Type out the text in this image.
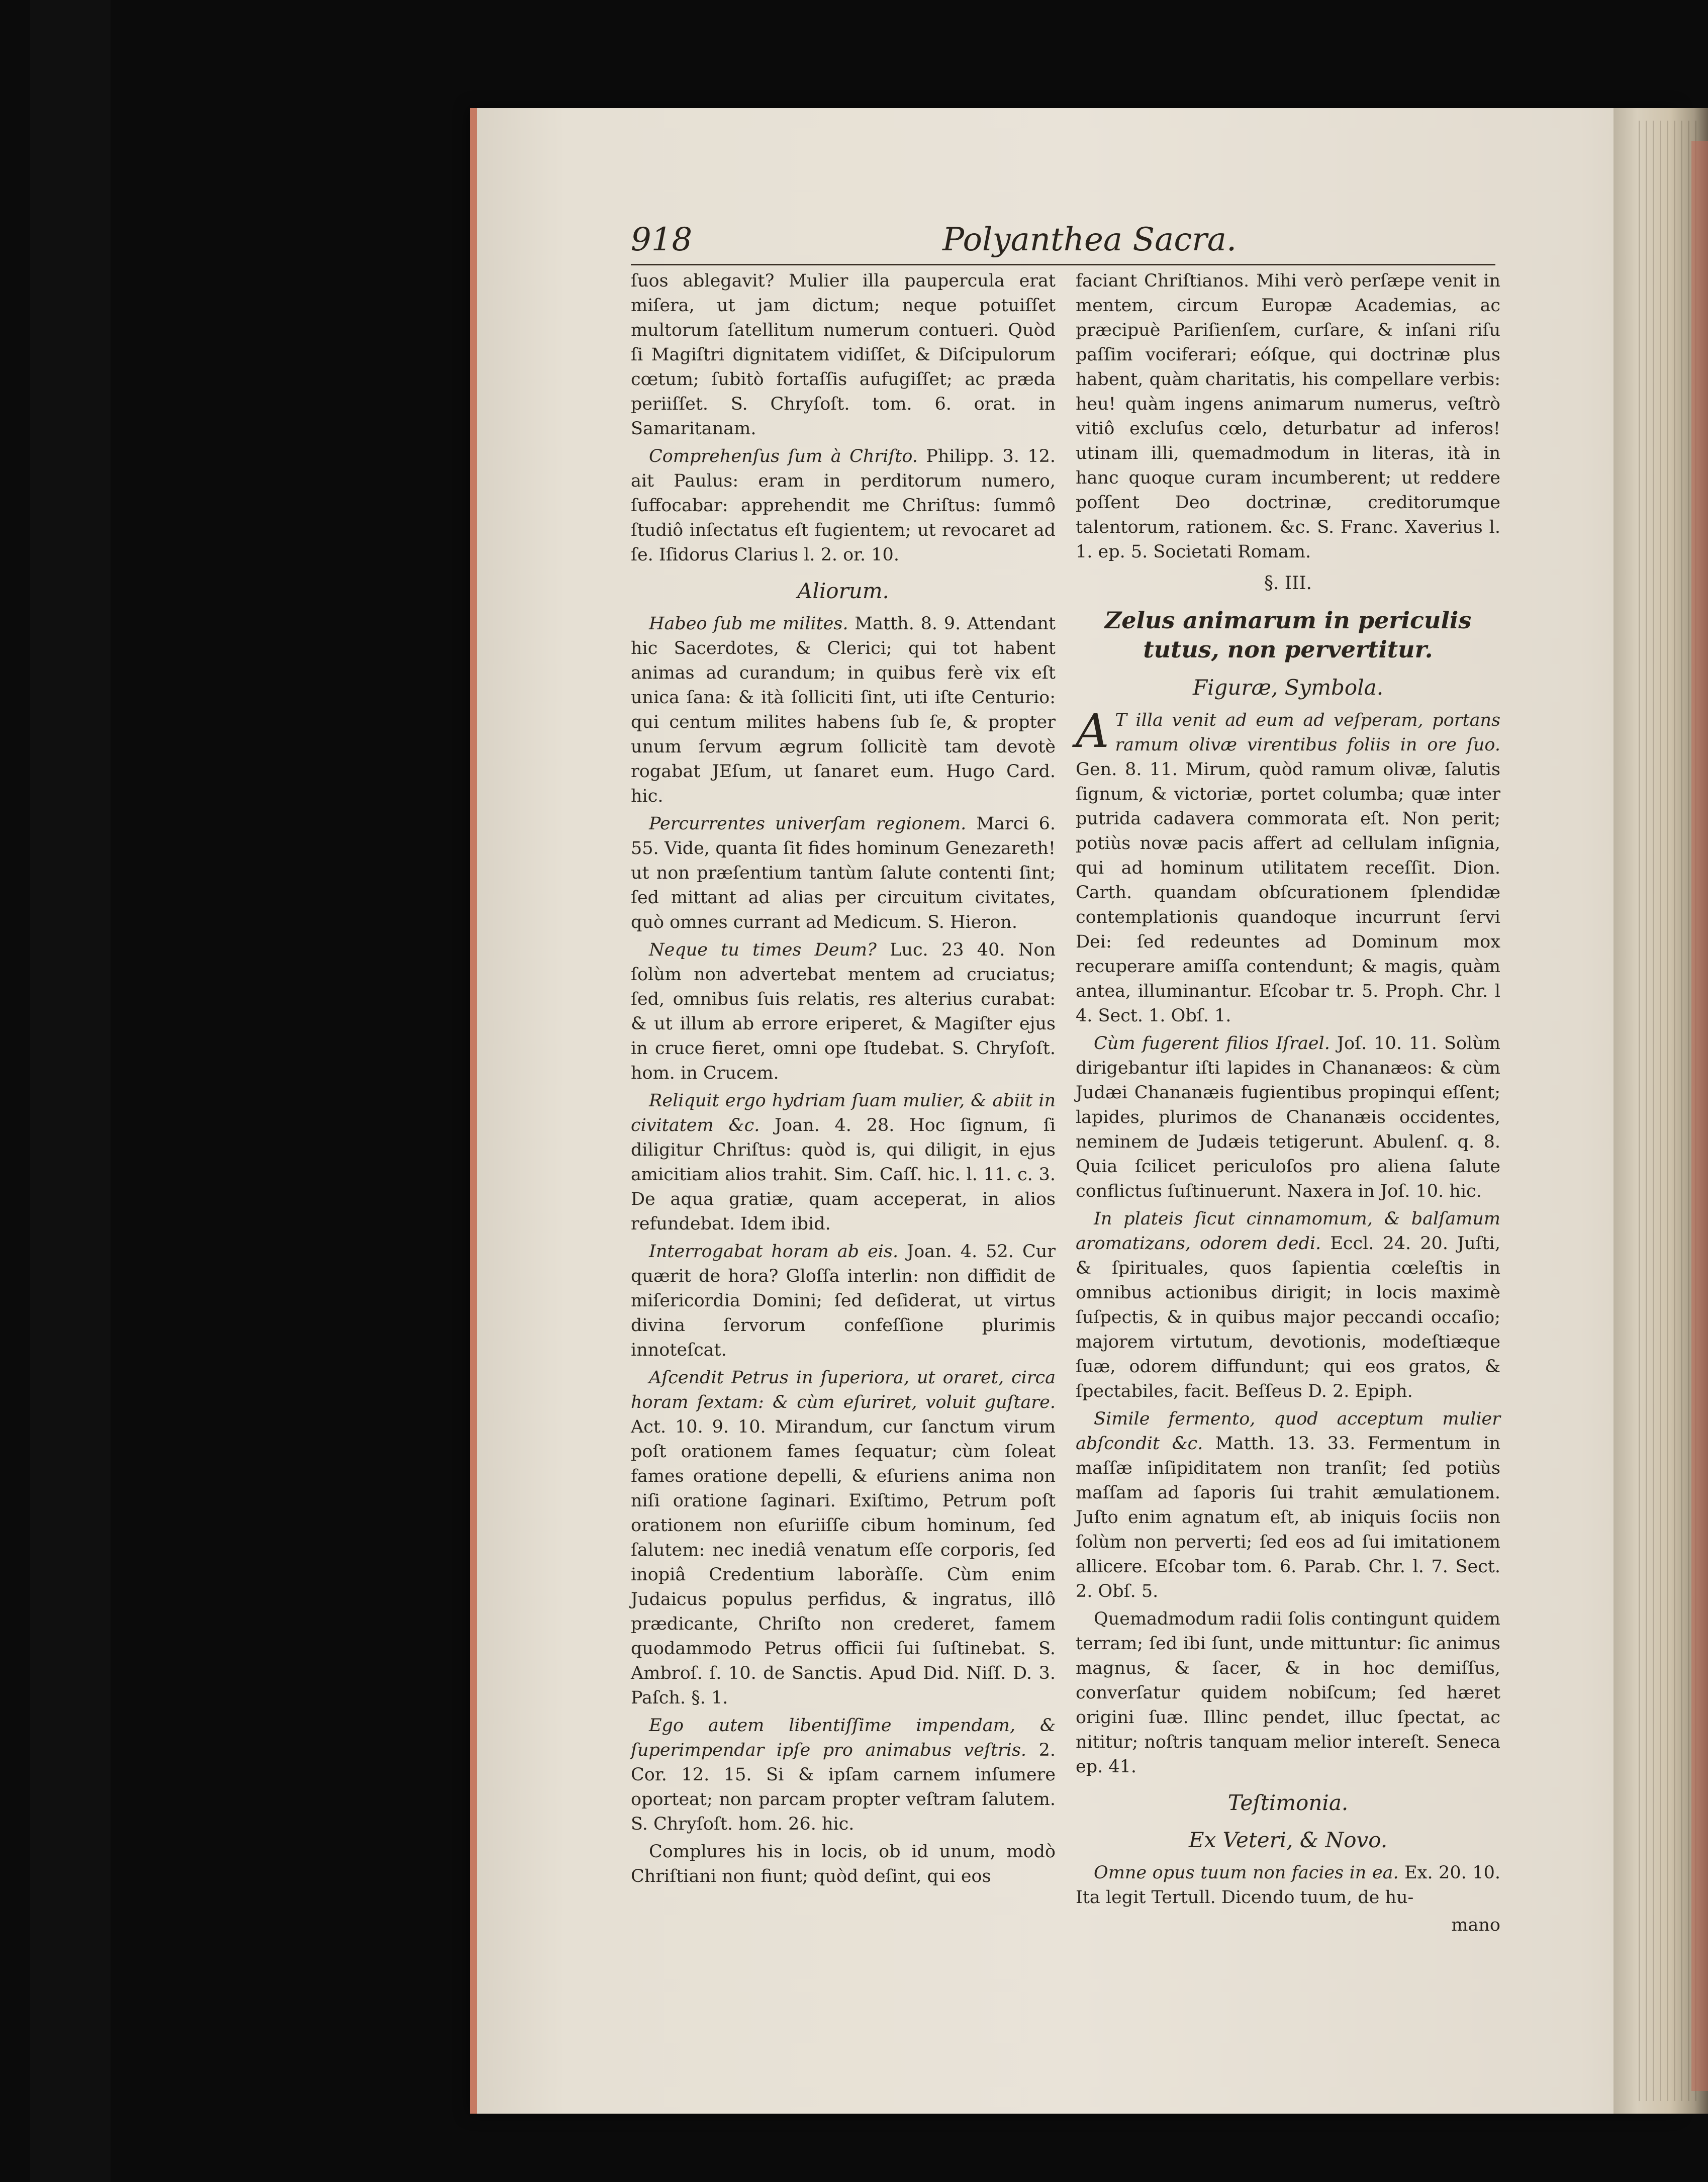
918	Polyanthea Sacra.

ſuos ablegavit? Mulier illa paupercula erat miſera, ut jam dictum; neque potuiſſet multorum ſatellitum numerum contueri. Quòd ſi Magiſtri dignitatem vidiſſet, & Diſcipulorum cœtum; ſubitò fortaſſis aufugiſſet; ac præda periiſſet. S. Chryſoſt. tom. 6. orat. in Samaritanam.

Comprehenſus ſum à Chriſto. Philipp. 3. 12. ait Paulus: eram in perditorum numero, ſuffocabar: apprehendit me Chriſtus: ſummô ſtudiô inſectatus eſt fugientem; ut revocaret ad ſe. Iſidorus Clarius l. 2. or. 10.

Aliorum.

Habeo ſub me milites. Matth. 8. 9. Attendant hic Sacerdotes, & Clerici; qui tot habent animas ad curandum; in quibus ferè vix eſt unica ſana: & ità ſolliciti ſint, uti iſte Centurio: qui centum milites habens ſub ſe, & propter unum ſervum ægrum ſollicitè tam devotè rogabat JEſum, ut ſanaret eum. Hugo Card. hic.

Percurrentes univerſam regionem. Marci 6. 55. Vide, quanta ſit fides hominum Genezareth! ut non præſentium tantùm ſalute contenti ſint; ſed mittant ad alias per circuitum civitates, quò omnes currant ad Medicum. S. Hieron.

Neque tu times Deum? Luc. 23 40. Non ſolùm non advertebat mentem ad cruciatus; ſed, omnibus ſuis relatis, res alterius curabat: & ut illum ab errore eriperet, & Magiſter ejus in cruce fieret, omni ope ſtudebat. S. Chryſoſt. hom. in Crucem.

Reliquit ergo hydriam ſuam mulier, & abiit in civitatem &c. Joan. 4. 28. Hoc ſignum, ſi diligitur Chriſtus: quòd is, qui diligit, in ejus amicitiam alios trahit. Sim. Caſſ. hic. l. 11. c. 3. De aqua gratiæ, quam acceperat, in alios refundebat. Idem ibid.

Interrogabat horam ab eis. Joan. 4. 52. Cur quærit de hora? Gloſſa interlin: non diffidit de miſericordia Domini; ſed deſiderat, ut virtus divina ſervorum confeſſione plurimis innoteſcat.

Aſcendit Petrus in ſuperiora, ut oraret, circa horam ſextam: & cùm eſuriret, voluit guſtare. Act. 10. 9. 10. Mirandum, cur ſanctum virum poſt orationem fames ſequatur; cùm ſoleat fames oratione depelli, & eſuriens anima non niſi oratione ſaginari. Exiſtimo, Petrum poſt orationem non eſuriiſſe cibum hominum, ſed ſalutem: nec inediâ venatum eſſe corporis, ſed inopiâ Credentium laboràſſe. Cùm enim Judaicus populus perfidus, & ingratus, illô prædicante, Chriſto non crederet, famem quodammodo Petrus officii ſui ſuſtinebat. S. Ambroſ. ſ. 10. de Sanctis. Apud Did. Niſſ. D. 3. Paſch. §. 1.

Ego autem libentiſſime impendam, & ſuperimpendar ipſe pro animabus veſtris. 2. Cor. 12. 15. Si & ipſam carnem inſumere oporteat; non parcam propter veſtram ſalutem. S. Chryſoſt. hom. 26. hic.

Complures his in locis, ob id unum, modò Chriſtiani non fiunt; quòd deſint, qui eos

faciant Chriſtianos. Mihi verò perſæpe venit in mentem, circum Europæ Academias, ac præcipuè Pariſienſem, curſare, & inſani riſu paſſim vociferari; eóſque, qui doctrinæ plus habent, quàm charitatis, his compellare verbis: heu! quàm ingens animarum numerus, veſtrò vitiô excluſus cœlo, deturbatur ad inferos! utinam illi, quemadmodum in literas, ità in hanc quoque curam incumberent; ut reddere poſſent Deo doctrinæ, creditorumque talentorum, rationem. &c. S. Franc. Xaverius l. 1. ep. 5. Societati Romam.

§. III.
Zelus animarum in periculis tutus, non pervertitur.
Figuræ, Symbola.

A T illa venit ad eum ad veſperam, portans ramum olivæ virentibus foliis in ore ſuo. Gen. 8. 11. Mirum, quòd ramum olivæ, ſalutis ſignum, & victoriæ, portet columba; quæ inter putrida cadavera commorata eſt. Non perit; potiùs novæ pacis affert ad cellulam inſignia, qui ad hominum utilitatem receſſit. Dion. Carth. quandam obſcurationem ſplendidæ contemplationis quandoque incurrunt ſervi Dei: ſed redeuntes ad Dominum mox recuperare amiſſa contendunt; & magis, quàm antea, illuminantur. Eſcobar tr. 5. Proph. Chr. l 4. Sect. 1. Obſ. 1.

Cùm fugerent filios Iſrael. Joſ. 10. 11. Solùm dirigebantur iſti lapides in Chananæos: & cùm Judæi Chananæis fugientibus propinqui eſſent; lapides, plurimos de Chananæis occidentes, neminem de Judæis tetigerunt. Abulenſ. q. 8. Quia ſcilicet periculoſos pro aliena ſalute conflictus ſuſtinuerunt. Naxera in Joſ. 10. hic.

In plateis ſicut cinnamomum, & balſamum aromatizans, odorem dedi. Eccl. 24. 20. Juſti, & ſpirituales, quos ſapientia cœleſtis in omnibus actionibus dirigit; in locis maximè ſuſpectis, & in quibus major peccandi occaſio; majorem virtutum, devotionis, modeſtiæque ſuæ, odorem diffundunt; qui eos gratos, & ſpectabiles, facit. Beſſeus D. 2. Epiph.

Simile fermento, quod acceptum mulier abſcondit &c. Matth. 13. 33. Fermentum in maſſæ inſipiditatem non tranſit; ſed potiùs maſſam ad ſaporis ſui trahit æmulationem. Juſto enim agnatum eſt, ab iniquis ſociis non ſolùm non perverti; ſed eos ad ſui imitationem allicere. Eſcobar tom. 6. Parab. Chr. l. 7. Sect. 2. Obſ. 5.

Quemadmodum radii ſolis contingunt quidem terram; ſed ibi ſunt, unde mittuntur: ſic animus magnus, & ſacer, & in hoc demiſſus, converſatur quidem nobiſcum; ſed hæret origini ſuæ. Illinc pendet, illuc ſpectat, ac nititur; noſtris tanquam melior intereſt. Seneca ep. 41.

Teſtimonia.
Ex Veteri, & Novo.

Omne opus tuum non facies in ea. Ex. 20. 10. Ita legit Tertull. Dicendo tuum, de hu-

mano
